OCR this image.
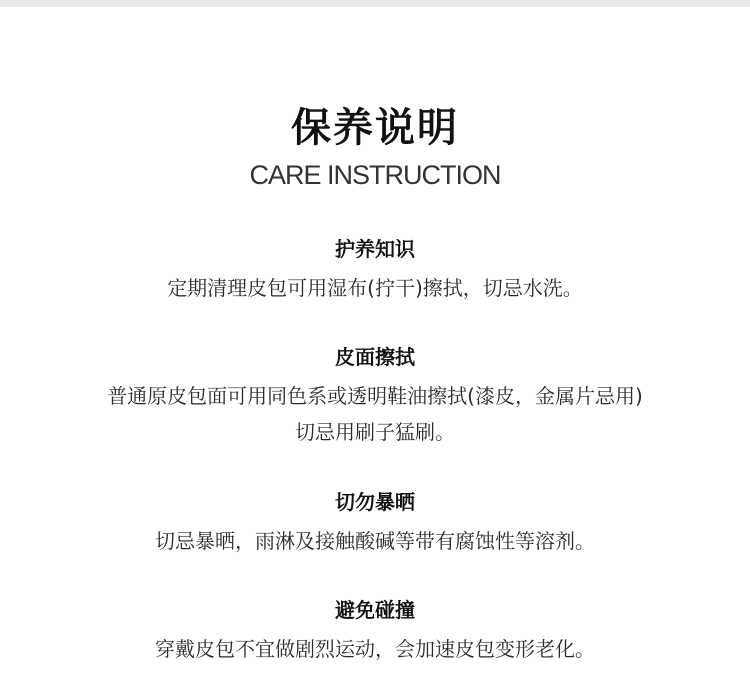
保养说明
CARE INSTRUCTION
护养知识
定期清理皮包可用湿布(拧干)擦拭，切忌水洗。
皮面擦拭
普通原皮包面可用同色系或透明鞋油擦拭(漆皮，金属片忌用)
切忌用刷子猛刷。
切勿暴晒
切忌暴晒，雨淋及接触酸碱等带有腐蚀性等溶剂。
避免碰撞
穿戴皮包不宜做剧烈运动，会加速皮包变形老化。
